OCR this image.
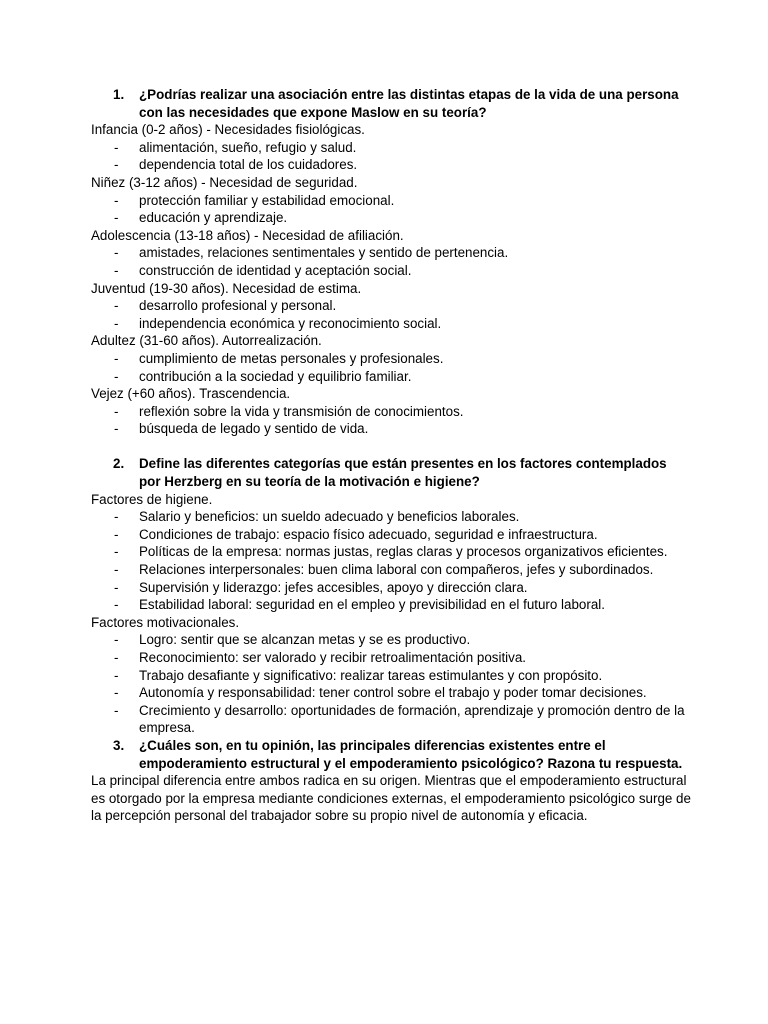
1.	¿Podrías realizar una asociación entre las distintas etapas de la vida de una persona con las necesidades que expone Maslow en su teoría?
Infancia (0-2 años) - Necesidades fisiológicas.
-	alimentación, sueño, refugio y salud.
-	dependencia total de los cuidadores.
Niñez (3-12 años) - Necesidad de seguridad.
-	protección familiar y estabilidad emocional.
-	educación y aprendizaje.
Adolescencia (13-18 años) - Necesidad de afiliación.
-	amistades, relaciones sentimentales y sentido de pertenencia.
-	construcción de identidad y aceptación social.
Juventud (19-30 años). Necesidad de estima.
-	desarrollo profesional y personal.
-	independencia económica y reconocimiento social.
Adultez (31-60 años). Autorrealización.
-	cumplimiento de metas personales y profesionales.
-	contribución a la sociedad y equilibrio familiar.
Vejez (+60 años). Trascendencia.
-	reflexión sobre la vida y transmisión de conocimientos.
-	búsqueda de legado y sentido de vida.
2.	Define las diferentes categorías que están presentes en los factores contemplados por Herzberg en su teoría de la motivación e higiene?
Factores de higiene.
-	Salario y beneficios: un sueldo adecuado y beneficios laborales.
-	Condiciones de trabajo: espacio físico adecuado, seguridad e infraestructura.
-	Políticas de la empresa: normas justas, reglas claras y procesos organizativos eficientes.
-	Relaciones interpersonales: buen clima laboral con compañeros, jefes y subordinados.
-	Supervisión y liderazgo: jefes accesibles, apoyo y dirección clara.
-	Estabilidad laboral: seguridad en el empleo y previsibilidad en el futuro laboral.
Factores motivacionales.
-	Logro: sentir que se alcanzan metas y se es productivo.
-	Reconocimiento: ser valorado y recibir retroalimentación positiva.
-	Trabajo desafiante y significativo: realizar tareas estimulantes y con propósito.
-	Autonomía y responsabilidad: tener control sobre el trabajo y poder tomar decisiones.
-	Crecimiento y desarrollo: oportunidades de formación, aprendizaje y promoción dentro de la empresa.
3.	¿Cuáles son, en tu opinión, las principales diferencias existentes entre el empoderamiento estructural y el empoderamiento psicológico? Razona tu respuesta.
La principal diferencia entre ambos radica en su origen. Mientras que el empoderamiento estructural es otorgado por la empresa mediante condiciones externas, el empoderamiento psicológico surge de la percepción personal del trabajador sobre su propio nivel de autonomía y eficacia.
